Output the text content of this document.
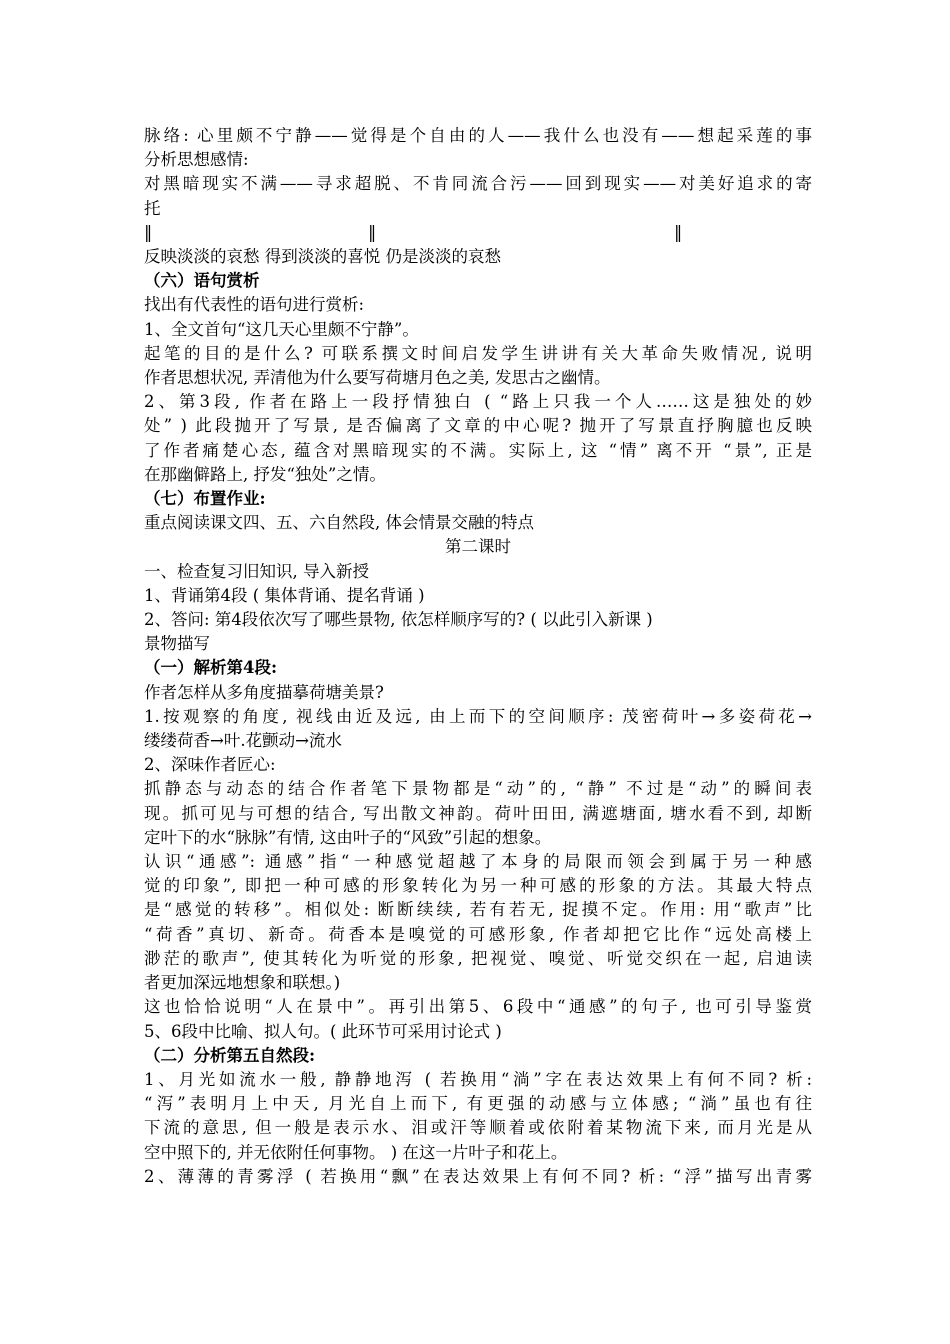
脉络: 心里颇不宁静——觉得是个自由的人——我什么也没有——想起采莲的事
分析思想感情:
对黑暗现实不满——寻求超脱、不肯同流合污——回到现实——对美好追求的寄
托
‖	‖	‖
反映淡淡的哀愁 得到淡淡的喜悦 仍是淡淡的哀愁
（六）语句赏析
找出有代表性的语句进行赏析:
1、全文首句“这几天心里颇不宁静”。
起笔的目的是什么? 可联系撰文时间启发学生讲讲有关大革命失败情况, 说明
作者思想状况, 弄清他为什么要写荷塘月色之美, 发思古之幽情。
2、第3段, 作者在路上一段抒情独白 ( “路上只我一个人……这是独处的妙
处” ) 此段抛开了写景, 是否偏离了文章的中心呢? 抛开了写景直抒胸臆也反映
了作者痛楚心态, 蕴含对黑暗现实的不满。实际上, 这 “情” 离不开 “景”, 正是
在那幽僻路上, 抒发“独处”之情。
（七）布置作业:
重点阅读课文四、五、六自然段, 体会情景交融的特点
第二课时
一、检查复习旧知识, 导入新授
1、背诵第4段 ( 集体背诵、提名背诵 )
2、答问: 第4段依次写了哪些景物, 依怎样顺序写的? ( 以此引入新课 )
景物描写
（一）解析第4段:
作者怎样从多角度描摹荷塘美景?
1.按观察的角度, 视线由近及远, 由上而下的空间顺序: 茂密荷叶→多姿荷花→
缕缕荷香→叶.花颤动→流水
2、深味作者匠心:
抓静态与动态的结合作者笔下景物都是“动”的, “静” 不过是“动”的瞬间表
现。抓可见与可想的结合, 写出散文神韵。荷叶田田, 满遮塘面, 塘水看不到, 却断
定叶下的水“脉脉”有情, 这由叶子的“风致”引起的想象。
认识“通感”: 通感”指“一种感觉超越了本身的局限而领会到属于另一种感
觉的印象”, 即把一种可感的形象转化为另一种可感的形象的方法。其最大特点
是“感觉的转移”。相似处: 断断续续, 若有若无, 捉摸不定。作用: 用“歌声”比
“荷香”真切、新奇。荷香本是嗅觉的可感形象, 作者却把它比作“远处高楼上
渺茫的歌声”, 使其转化为听觉的形象, 把视觉、嗅觉、听觉交织在一起, 启迪读
者更加深远地想象和联想。)
这也恰恰说明“人在景中”。再引出第5、6段中“通感”的句子, 也可引导鉴赏
5、6段中比喻、拟人句。( 此环节可采用讨论式 )
（二）分析第五自然段:
1、月光如流水一般, 静静地泻 ( 若换用“淌”字在表达效果上有何不同? 析:
“泻”表明月上中天, 月光自上而下, 有更强的动感与立体感; “淌”虽也有往
下流的意思, 但一般是表示水、泪或汗等顺着或依附着某物流下来, 而月光是从
空中照下的, 并无依附任何事物。 ) 在这一片叶子和花上。
2、薄薄的青雾浮 ( 若换用“飘”在表达效果上有何不同? 析: “浮”描写出青雾
